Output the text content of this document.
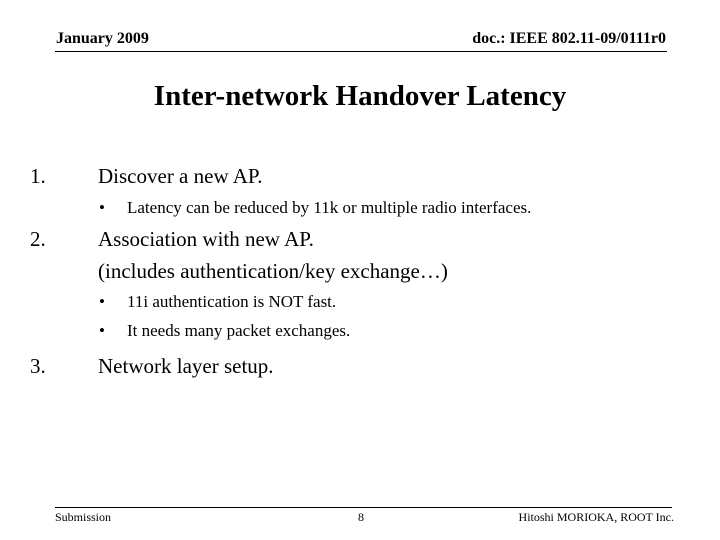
January 2009	doc.: IEEE 802.11-09/0111r0
Inter-network Handover Latency
1.	Discover a new AP.
• Latency can be reduced by 11k or multiple radio interfaces.
2.	Association with new AP.
(includes authentication/key exchange…)
• 11i authentication is NOT fast.
• It needs many packet exchanges.
3.	Network layer setup.
Submission	8	Hitoshi MORIOKA, ROOT Inc.
